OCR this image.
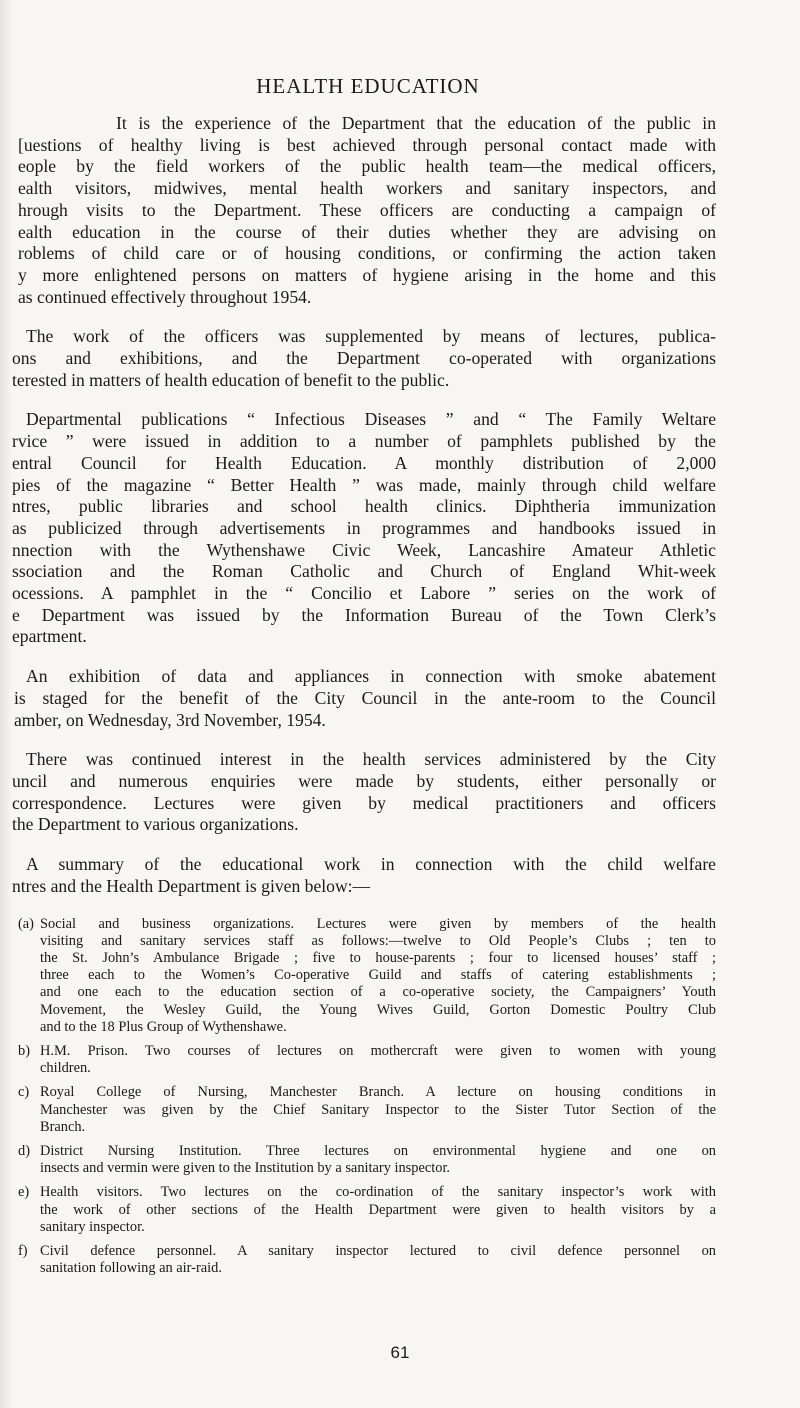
HEALTH EDUCATION
It is the experience of the Department that the education of the public in
[uestions of healthy living is best achieved through personal contact made with
eople by the field workers of the public health team—the medical officers,
ealth visitors, midwives, mental health workers and sanitary inspectors, and
hrough visits to the Department. These officers are conducting a campaign of
ealth education in the course of their duties whether they are advising on
roblems of child care or of housing conditions, or confirming the action taken
y more enlightened persons on matters of hygiene arising in the home and this
as continued effectively throughout 1954.
The work of the officers was supplemented by means of lectures, publica-
ons and exhibitions, and the Department co-operated with organizations
terested in matters of health education of benefit to the public.
Departmental publications “ Infectious Diseases ” and “ The Family Weltare
rvice ” were issued in addition to a number of pamphlets published by the
entral Council for Health Education. A monthly distribution of 2,000
pies of the magazine “ Better Health ” was made, mainly through child welfare
ntres, public libraries and school health clinics. Diphtheria immunization
as publicized through advertisements in programmes and handbooks issued in
nnection with the Wythenshawe Civic Week, Lancashire Amateur Athletic
ssociation and the Roman Catholic and Church of England Whit-week
ocessions. A pamphlet in the “ Concilio et Labore ” series on the work of
e Department was issued by the Information Bureau of the Town Clerk’s
epartment.
An exhibition of data and appliances in connection with smoke abatement
is staged for the benefit of the City Council in the ante-room to the Council
amber, on Wednesday, 3rd November, 1954.
There was continued interest in the health services administered by the City
uncil and numerous enquiries were made by students, either personally or
correspondence. Lectures were given by medical practitioners and officers
the Department to various organizations.
A summary of the educational work in connection with the child welfare
ntres and the Health Department is given below:—
(a) Social and business organizations. Lectures were given by members of the health
visiting and sanitary services staff as follows:—twelve to Old People’s Clubs ; ten to
the St. John’s Ambulance Brigade ; five to house-parents ; four to licensed houses’ staff ;
three each to the Women’s Co-operative Guild and staffs of catering establishments ;
and one each to the education section of a co-operative society, the Campaigners’ Youth
Movement, the Wesley Guild, the Young Wives Guild, Gorton Domestic Poultry Club
and to the 18 Plus Group of Wythenshawe.
b) H.M. Prison. Two courses of lectures on mothercraft were given to women with young
children.
c) Royal College of Nursing, Manchester Branch. A lecture on housing conditions in
Manchester was given by the Chief Sanitary Inspector to the Sister Tutor Section of the
Branch.
d) District Nursing Institution. Three lectures on environmental hygiene and one on
insects and vermin were given to the Institution by a sanitary inspector.
e) Health visitors. Two lectures on the co-ordination of the sanitary inspector’s work with
the work of other sections of the Health Department were given to health visitors by a
sanitary inspector.
f) Civil defence personnel. A sanitary inspector lectured to civil defence personnel on
sanitation following an air-raid.
61
